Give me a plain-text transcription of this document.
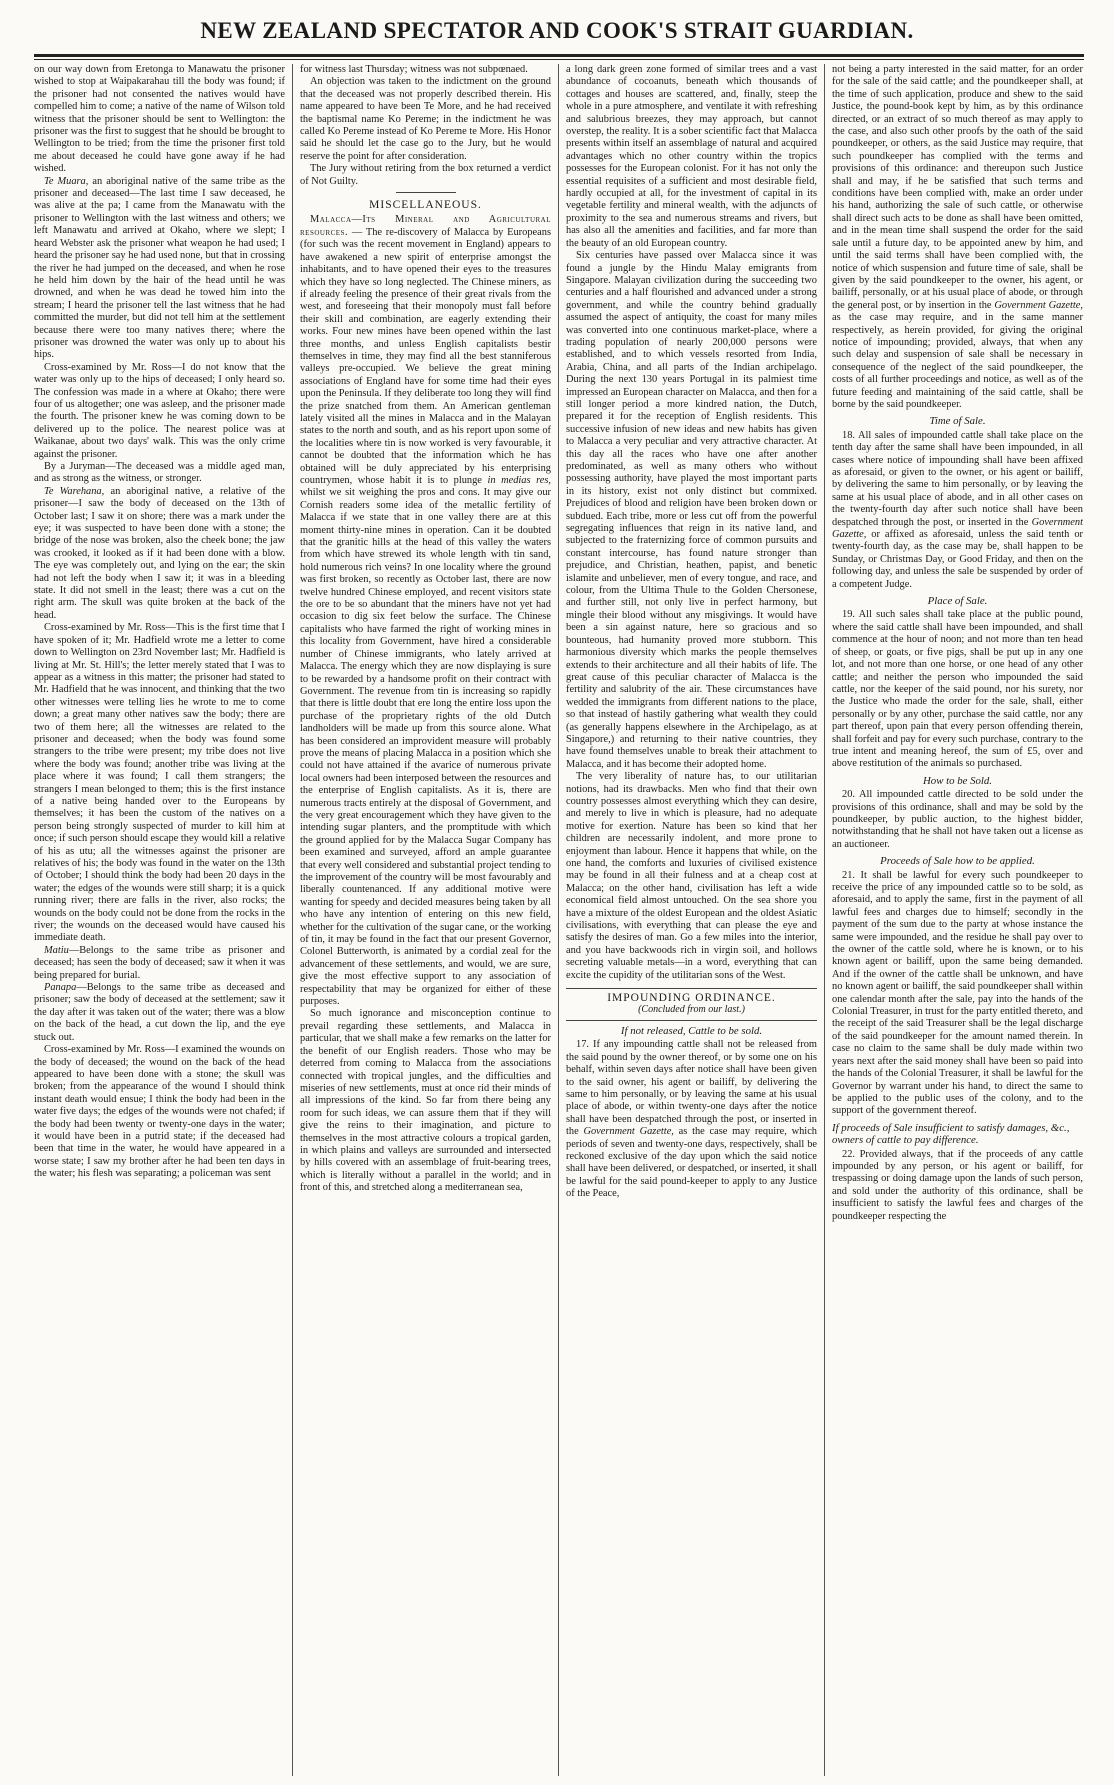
NEW ZEALAND SPECTATOR AND COOK'S STRAIT GUARDIAN.

on our way down from Eretonga to Manawatu the prisoner wished to stop at Waipakarahau till the body was found; if the prisoner had not consented the natives would have compelled him to come; a native of the name of Wilson told witness that the prisoner should be sent to Wellington: the prisoner was the first to suggest that he should be brought to Wellington to be tried; from the time the prisoner first told me about deceased he could have gone away if he had wished.

Te Muara, an aboriginal native of the same tribe as the prisoner and deceased—The last time I saw deceased, he was alive at the pa; I came from the Manawatu with the prisoner to Wellington with the last witness and others; we left Manawatu and arrived at Okaho, where we slept; I heard Webster ask the prisoner what weapon he had used; I heard the prisoner say he had used none, but that in crossing the river he had jumped on the deceased, and when he rose he held him down by the hair of the head until he was drowned, and when he was dead he towed him into the stream; I heard the prisoner tell the last witness that he had committed the murder, but did not tell him at the settlement because there were too many natives there; where the prisoner was drowned the water was only up to about his hips.

Cross-examined by Mr. Ross—I do not know that the water was only up to the hips of deceased; I only heard so. The confession was made in a where at Okaho; there were four of us altogether; one was asleep, and the prisoner made the fourth. The prisoner knew he was coming down to be delivered up to the police. The nearest police was at Waikanae, about two days' walk. This was the only crime against the prisoner.

By a Juryman—The deceased was a middle aged man, and as strong as the witness, or stronger.

Te Warehana, an aboriginal native, a relative of the prisoner—I saw the body of deceased on the 13th of October last; I saw it on shore; there was a mark under the eye; it was suspected to have been done with a stone; the bridge of the nose was broken, also the cheek bone; the jaw was crooked, it looked as if it had been done with a blow. The eye was completely out, and lying on the ear; the skin had not left the body when I saw it; it was in a bleeding state. It did not smell in the least; there was a cut on the right arm. The skull was quite broken at the back of the head.

Cross-examined by Mr. Ross—This is the first time that I have spoken of it; Mr. Hadfield wrote me a letter to come down to Wellington on 23rd November last; Mr. Hadfield is living at Mr. St. Hill's; the letter merely stated that I was to appear as a witness in this matter; the prisoner had stated to Mr. Hadfield that he was innocent, and thinking that the two other witnesses were telling lies he wrote to me to come down; a great many other natives saw the body; there are two of them here; all the witnesses are related to the prisoner and deceased; when the body was found some strangers to the tribe were present; my tribe does not live where the body was found; another tribe was living at the place where it was found; I call them strangers; the strangers I mean belonged to them; this is the first instance of a native being handed over to the Europeans by themselves; it has been the custom of the natives on a person being strongly suspected of murder to kill him at once; if such person should escape they would kill a relative of his as utu; all the witnesses against the prisoner are relatives of his; the body was found in the water on the 13th of October; I should think the body had been 20 days in the water; the edges of the wounds were still sharp; it is a quick running river; there are falls in the river, also rocks; the wounds on the body could not be done from the rocks in the river; the wounds on the deceased would have caused his immediate death.

Matiu—Belongs to the same tribe as prisoner and deceased; has seen the body of deceased; saw it when it was being prepared for burial.

Panapa—Belongs to the same tribe as deceased and prisoner; saw the body of deceased at the settlement; saw it the day after it was taken out of the water; there was a blow on the back of the head, a cut down the lip, and the eye stuck out.

Cross-examined by Mr. Ross—I examined the wounds on the body of deceased; the wound on the back of the head appeared to have been done with a stone; the skull was broken; from the appearance of the wound I should think instant death would ensue; I think the body had been in the water five days; the edges of the wounds were not chafed; if the body had been twenty or twenty-one days in the water; it would have been in a putrid state; if the deceased had been that time in the water, he would have appeared in a worse state; I saw my brother after he had been ten days in the water; his flesh was separating; a policeman was sent

for witness last Thursday; witness was not subpœnaed.

An objection was taken to the indictment on the ground that the deceased was not properly described therein. His name appeared to have been Te More, and he had received the baptismal name Ko Pereme; in the indictment he was called Ko Pereme instead of Ko Pereme te More. His Honor said he should let the case go to the Jury, but he would reserve the point for after consideration.

The Jury without retiring from the box returned a verdict of Not Guilty.

MISCELLANEOUS.

Malacca—Its Mineral and Agricultural resources. — The re-discovery of Malacca by Europeans (for such was the recent movement in England) appears to have awakened a new spirit of enterprise amongst the inhabitants, and to have opened their eyes to the treasures which they have so long neglected. The Chinese miners, as if already feeling the presence of their great rivals from the west, and foreseeing that their monopoly must fall before their skill and combination, are eagerly extending their works. Four new mines have been opened within the last three months, and unless English capitalists bestir themselves in time, they may find all the best stanniferous valleys pre-occupied. We believe the great mining associations of England have for some time had their eyes upon the Peninsula. If they deliberate too long they will find the prize snatched from them. An American gentleman lately visited all the mines in Malacca and in the Malayan states to the north and south, and as his report upon some of the localities where tin is now worked is very favourable, it cannot be doubted that the information which he has obtained will be duly appreciated by his enterprising countrymen, whose habit it is to plunge in medias res, whilst we sit weighing the pros and cons. It may give our Cornish readers some idea of the metallic fertility of Malacca if we state that in one valley there are at this moment thirty-nine mines in operation. Can it be doubted that the granitic hills at the head of this valley the waters from which have strewed its whole length with tin sand, hold numerous rich veins? In one locality where the ground was first broken, so recently as October last, there are now twelve hundred Chinese employed, and recent visitors state the ore to be so abundant that the miners have not yet had occasion to dig six feet below the surface. The Chinese capitalists who have farmed the right of working mines in this locality from Government, have hired a considerable number of Chinese immigrants, who lately arrived at Malacca. The energy which they are now displaying is sure to be rewarded by a handsome profit on their contract with Government. The revenue from tin is increasing so rapidly that there is little doubt that ere long the entire loss upon the purchase of the proprietary rights of the old Dutch landholders will be made up from this source alone. What has been considered an improvident measure will probably prove the means of placing Malacca in a position which she could not have attained if the avarice of numerous private local owners had been interposed between the resources and the enterprise of English capitalists. As it is, there are numerous tracts entirely at the disposal of Government, and the very great encouragement which they have given to the intending sugar planters, and the promptitude with which the ground applied for by the Malacca Sugar Company has been examined and surveyed, afford an ample guarantee that every well considered and substantial project tending to the improvement of the country will be most favourably and liberally countenanced. If any additional motive were wanting for speedy and decided measures being taken by all who have any intention of entering on this new field, whether for the cultivation of the sugar cane, or the working of tin, it may be found in the fact that our present Governor, Colonel Butterworth, is animated by a cordial zeal for the advancement of these settlements, and would, we are sure, give the most effective support to any association of respectability that may be organized for either of these purposes.

So much ignorance and misconception continue to prevail regarding these settlements, and Malacca in particular, that we shall make a few remarks on the latter for the benefit of our English readers. Those who may be deterred from coming to Malacca from the associations connected with tropical jungles, and the difficulties and miseries of new settlements, must at once rid their minds of all impressions of the kind. So far from there being any room for such ideas, we can assure them that if they will give the reins to their imagination, and picture to themselves in the most attractive colours a tropical garden, in which plains and valleys are surrounded and intersected by hills covered with an assemblage of fruit-bearing trees, which is literally without a parallel in the world; and in front of this, and stretched along a mediterranean sea,

a long dark green zone formed of similar trees and a vast abundance of cocoanuts, beneath which thousands of cottages and houses are scattered, and, finally, steep the whole in a pure atmosphere, and ventilate it with refreshing and salubrious breezes, they may approach, but cannot overstep, the reality. It is a sober scientific fact that Malacca presents within itself an assemblage of natural and acquired advantages which no other country within the tropics possesses for the European colonist. For it has not only the essential requisites of a sufficient and most desirable field, hardly occupied at all, for the investment of capital in its vegetable fertility and mineral wealth, with the adjuncts of proximity to the sea and numerous streams and rivers, but has also all the amenities and facilities, and far more than the beauty of an old European country.

Six centuries have passed over Malacca since it was found a jungle by the Hindu Malay emigrants from Singapore. Malayan civilization during the succeeding two centuries and a half flourished and advanced under a strong government, and while the country behind gradually assumed the aspect of antiquity, the coast for many miles was converted into one continuous market-place, where a trading population of nearly 200,000 persons were established, and to which vessels resorted from India, Arabia, China, and all parts of the Indian archipelago. During the next 130 years Portugal in its palmiest time impressed an European character on Malacca, and then for a still longer period a more kindred nation, the Dutch, prepared it for the reception of English residents. This successive infusion of new ideas and new habits has given to Malacca a very peculiar and very attractive character. At this day all the races who have one after another predominated, as well as many others who without possessing authority, have played the most important parts in its history, exist not only distinct but commixed. Prejudices of blood and religion have been broken down or subdued. Each tribe, more or less cut off from the powerful segregating influences that reign in its native land, and subjected to the fraternizing force of common pursuits and constant intercourse, has found nature stronger than prejudice, and Christian, heathen, papist, and benetic islamite and unbeliever, men of every tongue, and race, and colour, from the Ultima Thule to the Golden Chersonese, and further still, not only live in perfect harmony, but mingle their blood without any misgivings. It would have been a sin against nature, here so gracious and so bounteous, had humanity proved more stubborn. This harmonious diversity which marks the people themselves extends to their architecture and all their habits of life. The great cause of this peculiar character of Malacca is the fertility and salubrity of the air. These circumstances have wedded the immigrants from different nations to the place, so that instead of hastily gathering what wealth they could (as generally happens elsewhere in the Archipelago, as at Singapore,) and returning to their native countries, they have found themselves unable to break their attachment to Malacca, and it has become their adopted home.

The very liberality of nature has, to our utilitarian notions, had its drawbacks. Men who find that their own country possesses almost everything which they can desire, and merely to live in which is pleasure, had no adequate motive for exertion. Nature has been so kind that her children are necessarily indolent, and more prone to enjoyment than labour. Hence it happens that while, on the one hand, the comforts and luxuries of civilised existence may be found in all their fulness and at a cheap cost at Malacca; on the other hand, civilisation has left a wide economical field almost untouched. On the sea shore you have a mixture of the oldest European and the oldest Asiatic civilisations, with everything that can please the eye and satisfy the desires of man. Go a few miles into the interior, and you have backwoods rich in virgin soil, and hollows secreting valuable metals—in a word, everything that can excite the cupidity of the utilitarian sons of the West.

IMPOUNDING ORDINANCE.

(Concluded from our last.)

If not released, Cattle to be sold.

17. If any impounding cattle shall not be released from the said pound by the owner thereof, or by some one on his behalf, within seven days after notice shall have been given to the said owner, his agent or bailiff, by delivering the same to him personally, or by leaving the same at his usual place of abode, or within twenty-one days after the notice shall have been despatched through the post, or inserted in the Government Gazette, as the case may require, which periods of seven and twenty-one days, respectively, shall be reckoned exclusive of the day upon which the said notice shall have been delivered, or despatched, or inserted, it shall be lawful for the said pound-keeper to apply to any Justice of the Peace,

not being a party interested in the said matter, for an order for the sale of the said cattle; and the poundkeeper shall, at the time of such application, produce and shew to the said Justice, the pound-book kept by him, as by this ordinance directed, or an extract of so much thereof as may apply to the case, and also such other proofs by the oath of the said poundkeeper, or others, as the said Justice may require, that such poundkeeper has complied with the terms and provisions of this ordinance: and thereupon such Justice shall and may, if he be satisfied that such terms and conditions have been complied with, make an order under his hand, authorizing the sale of such cattle, or otherwise shall direct such acts to be done as shall have been omitted, and in the mean time shall suspend the order for the said sale until a future day, to be appointed anew by him, and until the said terms shall have been complied with, the notice of which suspension and future time of sale, shall be given by the said poundkeeper to the owner, his agent, or bailiff, personally, or at his usual place of abode, or through the general post, or by insertion in the Government Gazette, as the case may require, and in the same manner respectively, as herein provided, for giving the original notice of impounding; provided, always, that when any such delay and suspension of sale shall be necessary in consequence of the neglect of the said poundkeeper, the costs of all further proceedings and notice, as well as of the future feeding and maintaining of the said cattle, shall be borne by the said poundkeeper.

Time of Sale.

18. All sales of impounded cattle shall take place on the tenth day after the same shall have been impounded, in all cases where notice of impounding shall have been affixed as aforesaid, or given to the owner, or his agent or bailiff, by delivering the same to him personally, or by leaving the same at his usual place of abode, and in all other cases on the twenty-fourth day after such notice shall have been despatched through the post, or inserted in the Government Gazette, or affixed as aforesaid, unless the said tenth or twenty-fourth day, as the case may be, shall happen to be Sunday, or Christmas Day, or Good Friday, and then on the following day, and unless the sale be suspended by order of a competent Judge.

Place of Sale.

19. All such sales shall take place at the public pound, where the said cattle shall have been impounded, and shall commence at the hour of noon; and not more than ten head of sheep, or goats, or five pigs, shall be put up in any one lot, and not more than one horse, or one head of any other cattle; and neither the person who impounded the said cattle, nor the keeper of the said pound, nor his surety, nor the Justice who made the order for the sale, shall, either personally or by any other, purchase the said cattle, nor any part thereof, upon pain that every person offending therein, shall forfeit and pay for every such purchase, contrary to the true intent and meaning hereof, the sum of £5, over and above restitution of the animals so purchased.

How to be Sold.

20. All impounded cattle directed to be sold under the provisions of this ordinance, shall and may be sold by the poundkeeper, by public auction, to the highest bidder, notwithstanding that he shall not have taken out a license as an auctioneer.

Proceeds of Sale how to be applied.

21. It shall be lawful for every such poundkeeper to receive the price of any impounded cattle so to be sold, as aforesaid, and to apply the same, first in the payment of all lawful fees and charges due to himself; secondly in the payment of the sum due to the party at whose instance the same were impounded, and the residue he shall pay over to the owner of the cattle sold, where he is known, or to his known agent or bailiff, upon the same being demanded. And if the owner of the cattle shall be unknown, and have no known agent or bailiff, the said poundkeeper shall within one calendar month after the sale, pay into the hands of the Colonial Treasurer, in trust for the party entitled thereto, and the receipt of the said Treasurer shall be the legal discharge of the said poundkeeper for the amount named therein. In case no claim to the same shall be duly made within two years next after the said money shall have been so paid into the hands of the Colonial Treasurer, it shall be lawful for the Governor by warrant under his hand, to direct the same to be applied to the public uses of the colony, and to the support of the government thereof.

If proceeds of Sale insufficient to satisfy damages, &c., owners of cattle to pay difference.

22. Provided always, that if the proceeds of any cattle impounded by any person, or his agent or bailiff, for trespassing or doing damage upon the lands of such person, and sold under the authority of this ordinance, shall be insufficient to satisfy the lawful fees and charges of the poundkeeper respecting the
